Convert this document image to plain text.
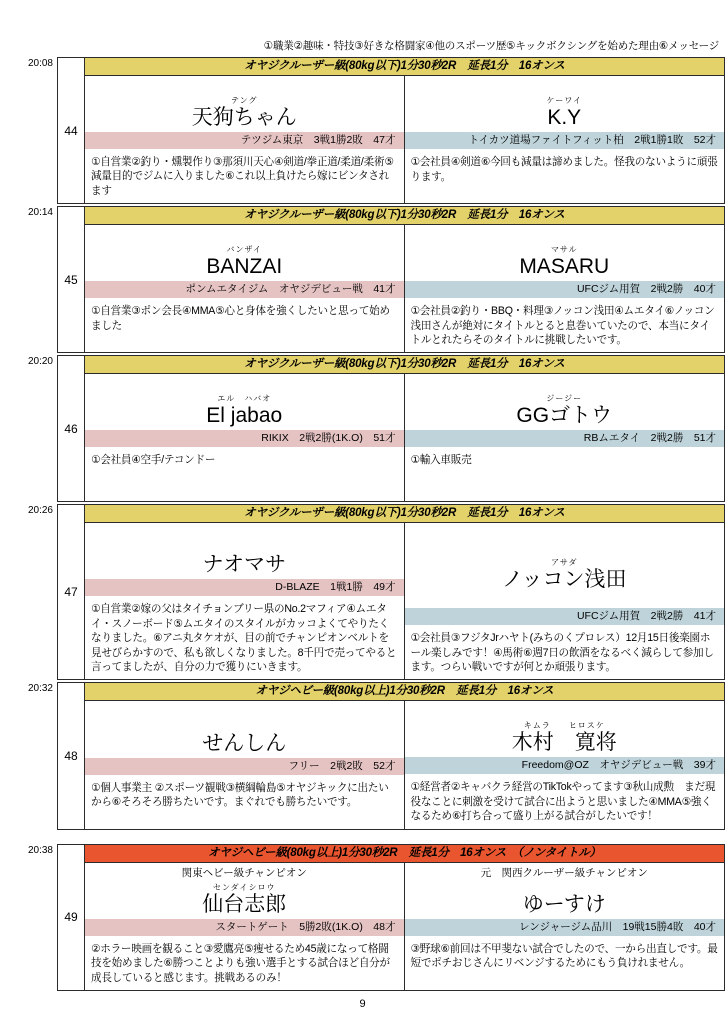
①職業②趣味・特技③好きな格闘家④他のスポーツ歴⑤キックボクシングを始めた理由⑥メッセージ
20:08
44
オヤジクルーザー級(80kg以下)1分30秒2R　延長1分　16オンス
テング
天狗ちゃん
テツジム東京　3戦1勝2敗　47才
①自営業②釣り・燻製作り③那須川天心④剣道/拳正道/柔道/柔術⑤減量目的でジムに入りました⑥これ以上負けたら嫁にビンタされます
ケーワイ
K.Y
トイカツ道場ファイトフィット柏　2戦1勝1敗　52才
①会社員④剣道⑥今回も減量は諦めました。怪我のないように頑張ります。
20:14
45
オヤジクルーザー級(80kg以下)1分30秒2R　延長1分　16オンス
バンザイ
BANZAI
ポンムエタイジム　オヤジデビュー戦　41才
①自営業③ポン会長④MMA⑤心と身体を強くしたいと思って始めました
マサル
MASARU
UFCジム用賀　2戦2勝　40才
①会社員②釣り・BBQ・料理③ノッコン浅田④ムエタイ⑥ノッコン浅田さんが絶対にタイトルとると息巻いていたので、本当にタイトルとれたらそのタイトルに挑戦したいです。
20:20
46
オヤジクルーザー級(80kg以下)1分30秒2R　延長1分　16オンス
エル　ハバオ
El jabao
RIKIX　2戦2勝(1K.O)　51才
①会社員④空手/テコンドー
ジージー
GGゴトウ
RBムエタイ　2戦2勝　51才
①輸入車販売
20:26
47
オヤジクルーザー級(80kg以下)1分30秒2R　延長1分　16オンス
ナオマサ
D-BLAZE　1戦1勝　49才
①自営業②嫁の父はタイチョンブリー県のNo.2マフィア④ムエタイ・スノーボード⑤ムエタイのスタイルがカッコよくてやりたくなりました。⑥アニ丸タケオが、目の前でチャンピオンベルトを見せびらかすので、私も欲しくなりました。8千円で売ってやると言ってましたが、自分の力で獲りにいきます。
アサダ
ノッコン浅田
UFCジム用賀　2戦2勝　41才
①会社員③フジタJrハヤト(みちのくプロレス）12月15日後楽園ホール楽しみです！④馬術⑥週7日の飲酒をなるべく減らして参加します。つらい戦いですが何とか頑張ります。
20:32
48
オヤジヘビー級(80kg以上)1分30秒2R　延長1分　16オンス
せんしん
フリー　2戦2敗　52才
①個人事業主 ②スポーツ観戦③横綱輪島⑤オヤジキックに出たいから⑥そろそろ勝ちたいです。まぐれでも勝ちたいです。
キムラ　　ヒロスケ
木村　寛将
Freedom@OZ　オヤジデビュー戦　39才
①経営者②キャバクラ経営のTikTokやってます③秋山成勲　まだ現役なことに刺激を受けて試合に出ようと思いました④MMA⑤強くなるため⑥打ち合って盛り上がる試合がしたいです！
20:38
49
オヤジヘビー級(80kg以上)1分30秒2R　延長1分　16オンス　（ノンタイトル）
関東ヘビー級チャンピオン
センダイシロウ
仙台志郎
スタートゲート　5勝2敗(1K.O)　48才
②ホラー映画を観ること③愛鷹亮⑤痩せるため45歳になって格闘技を始めました⑥勝つことよりも強い選手とする試合ほど自分が成長していると感じます。挑戦あるのみ！
元　関西クルーザー級チャンピオン
ゆーすけ
レンジャージム品川　19戦15勝4敗　40才
③野球⑥前回は不甲斐ない試合でしたので、一から出直しです。最短でポチおじさんにリベンジするためにもう負けれません。
9
